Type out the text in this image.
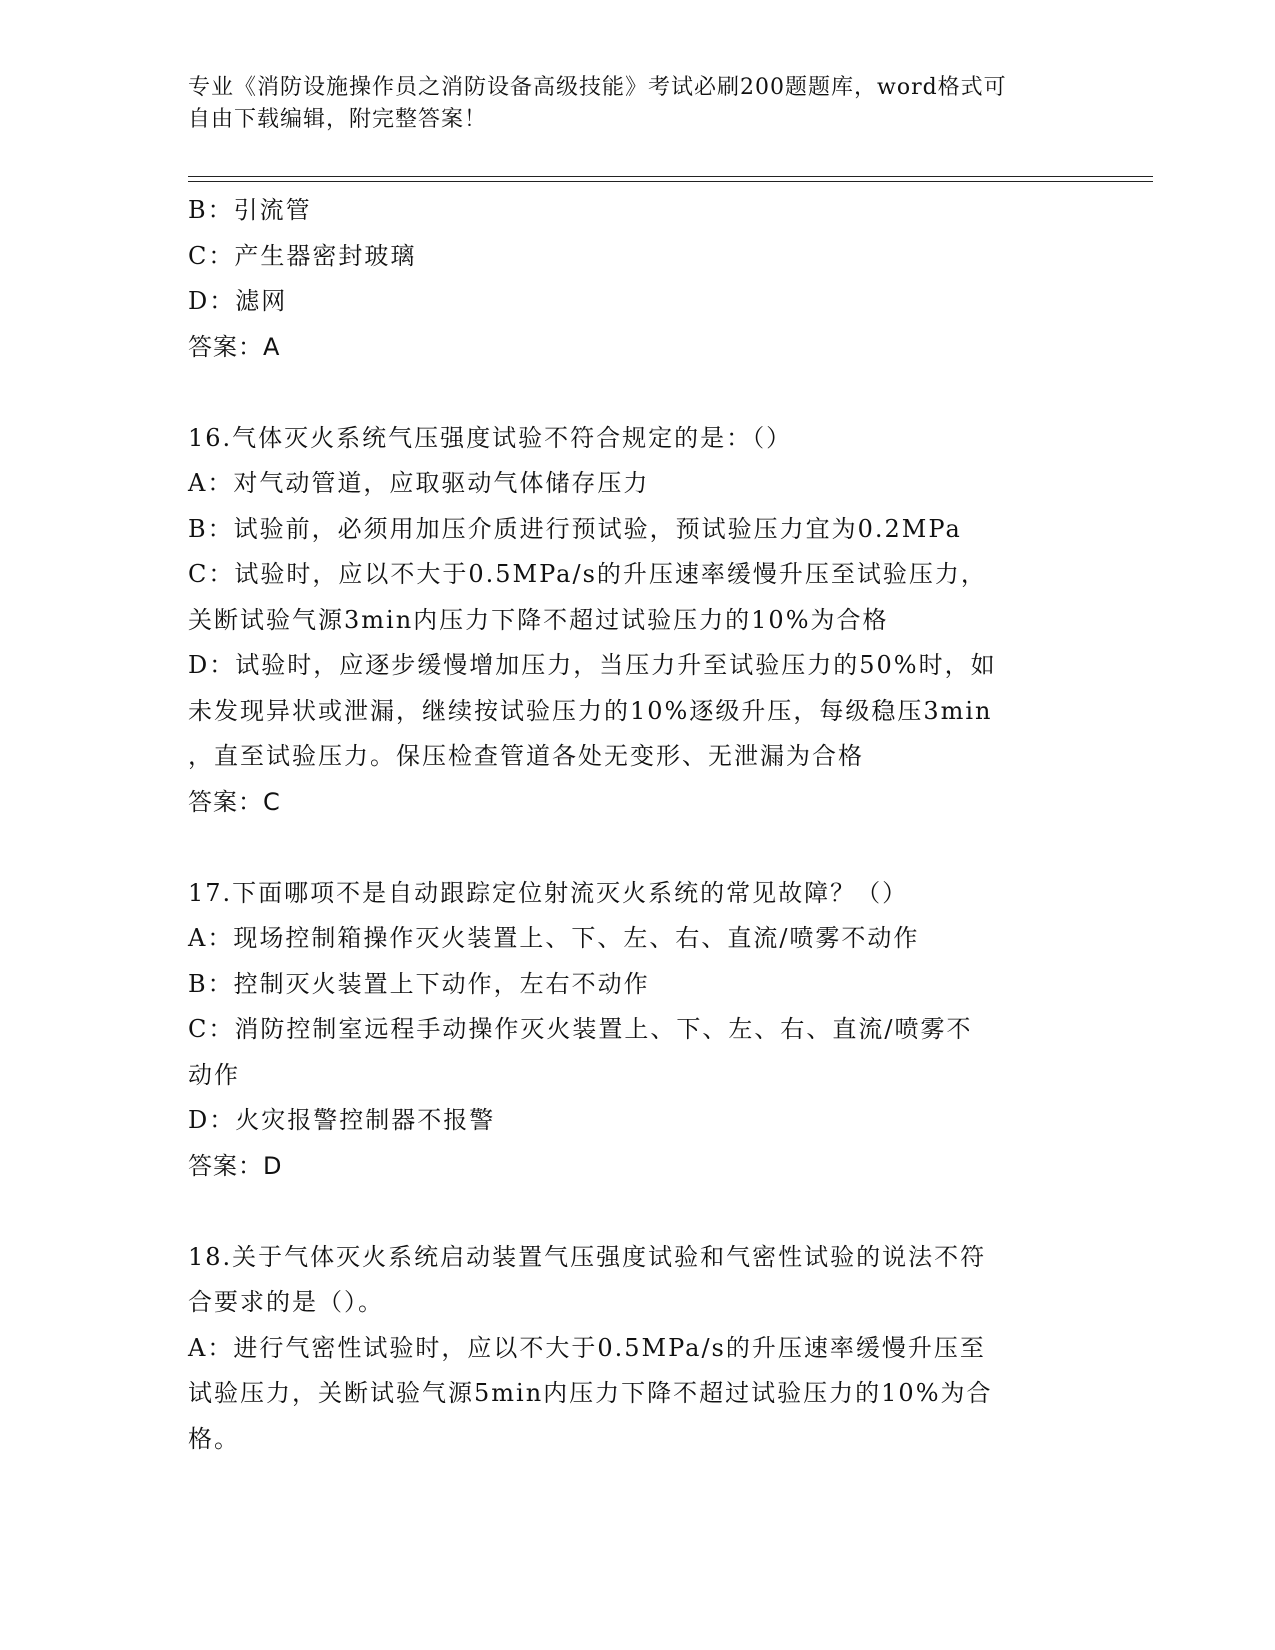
专业《消防设施操作员之消防设备高级技能》考试必刷200题题库，word格式可
自由下载编辑，附完整答案！
B：引流管
C：产生器密封玻璃
D：滤网
答案：A
16.气体灭火系统气压强度试验不符合规定的是：（）
A：对气动管道，应取驱动气体储存压力
B：试验前，必须用加压介质进行预试验，预试验压力宜为0.2MPa
C：试验时，应以不大于0.5MPa/s的升压速率缓慢升压至试验压力，
关断试验气源3min内压力下降不超过试验压力的10%为合格
D：试验时，应逐步缓慢增加压力，当压力升至试验压力的50%时，如
未发现异状或泄漏，继续按试验压力的10%逐级升压，每级稳压3min
，直至试验压力。保压检查管道各处无变形、无泄漏为合格
答案：C
17.下面哪项不是自动跟踪定位射流灭火系统的常见故障？（）
A：现场控制箱操作灭火装置上、下、左、右、直流/喷雾不动作
B：控制灭火装置上下动作，左右不动作
C：消防控制室远程手动操作灭火装置上、下、左、右、直流/喷雾不
动作
D：火灾报警控制器不报警
答案：D
18.关于气体灭火系统启动装置气压强度试验和气密性试验的说法不符
合要求的是（）。
A：进行气密性试验时，应以不大于0.5MPa/s的升压速率缓慢升压至
试验压力，关断试验气源5min内压力下降不超过试验压力的10%为合
格。
